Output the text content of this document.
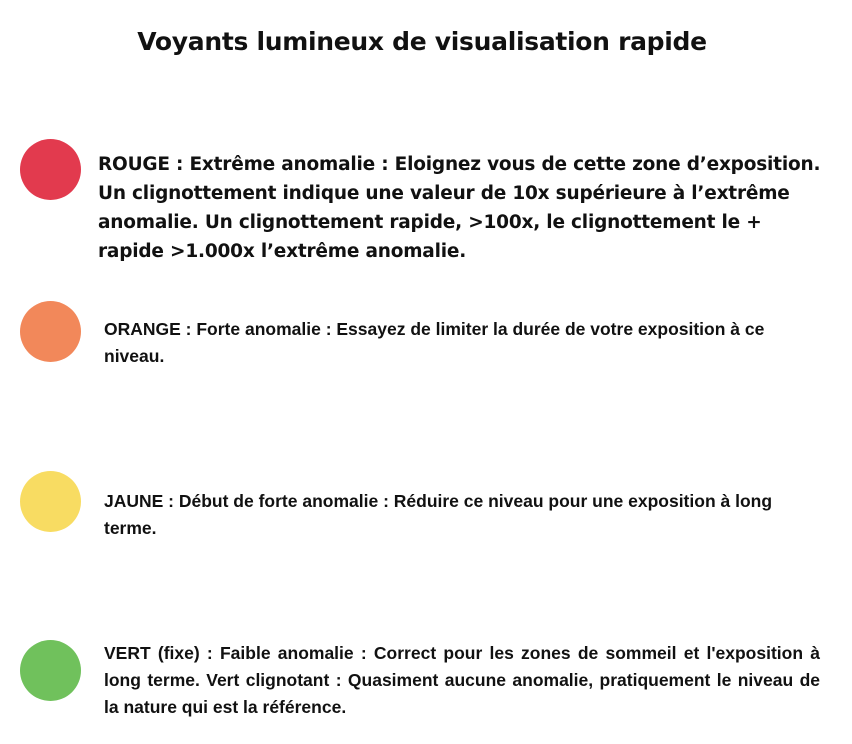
Voyants lumineux de visualisation rapide

ROUGE : Extrême anomalie : Eloignez vous de cette zone d’exposition. Un clignottement indique une valeur de 10x supérieure à l’extrême anomalie. Un clignottement rapide, >100x, le clignottement le + rapide >1.000x l’extrême anomalie.

ORANGE : Forte anomalie : Essayez de limiter la durée de votre exposition à ce niveau.

JAUNE : Début de forte anomalie : Réduire ce niveau pour une exposition à long terme.

VERT (fixe) : Faible anomalie : Correct pour les zones de sommeil et l'exposition à long terme. Vert clignotant : Quasiment aucune anomalie, pratiquement le niveau de la nature qui est la référence.
